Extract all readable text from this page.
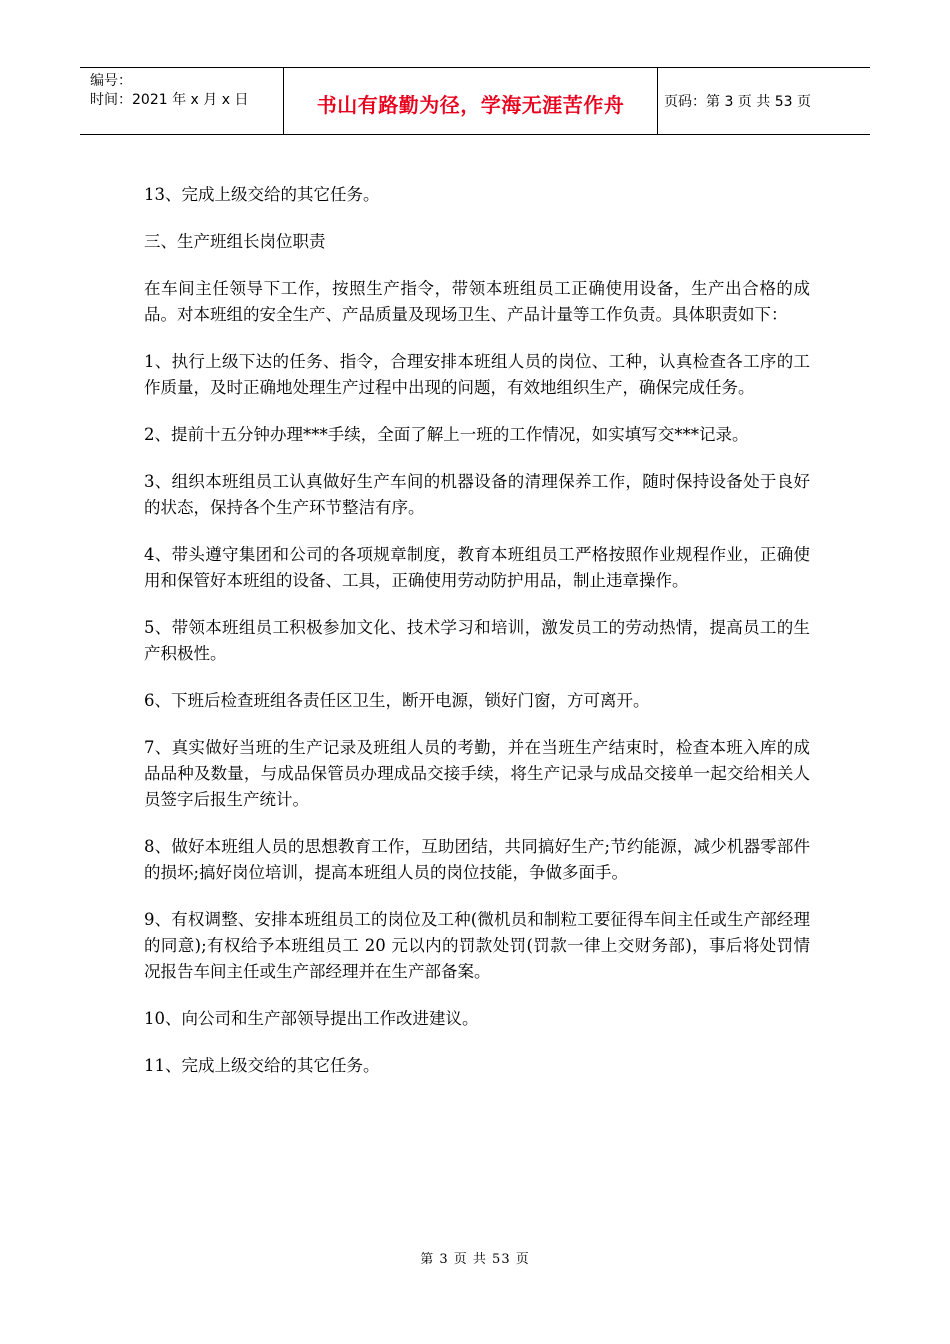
编号：
时间：2021 年 x 月 x 日	书山有路勤为径，学海无涯苦作舟	页码：第 3 页 共 53 页

13、完成上级交给的其它任务。

三、生产班组长岗位职责

在车间主任领导下工作，按照生产指令，带领本班组员工正确使用设备，生产出合格的成品。对本班组的安全生产、产品质量及现场卫生、产品计量等工作负责。具体职责如下：

1、执行上级下达的任务、指令，合理安排本班组人员的岗位、工种，认真检查各工序的工作质量，及时正确地处理生产过程中出现的问题，有效地组织生产，确保完成任务。

2、提前十五分钟办理***手续，全面了解上一班的工作情况，如实填写交***记录。

3、组织本班组员工认真做好生产车间的机器设备的清理保养工作，随时保持设备处于良好的状态，保持各个生产环节整洁有序。

4、带头遵守集团和公司的各项规章制度，教育本班组员工严格按照作业规程作业，正确使用和保管好本班组的设备、工具，正确使用劳动防护用品，制止违章操作。

5、带领本班组员工积极参加文化、技术学习和培训，激发员工的劳动热情，提高员工的生产积极性。

6、下班后检查班组各责任区卫生，断开电源，锁好门窗，方可离开。

7、真实做好当班的生产记录及班组人员的考勤，并在当班生产结束时，检查本班入库的成品品种及数量，与成品保管员办理成品交接手续，将生产记录与成品交接单一起交给相关人员签字后报生产统计。

8、做好本班组人员的思想教育工作，互助团结，共同搞好生产;节约能源，减少机器零部件的损坏;搞好岗位培训，提高本班组人员的岗位技能，争做多面手。

9、有权调整、安排本班组员工的岗位及工种(微机员和制粒工要征得车间主任或生产部经理的同意);有权给予本班组员工 20 元以内的罚款处罚(罚款一律上交财务部)，事后将处罚情况报告车间主任或生产部经理并在生产部备案。

10、向公司和生产部领导提出工作改进建议。

11、完成上级交给的其它任务。

第 3 页 共 53 页
